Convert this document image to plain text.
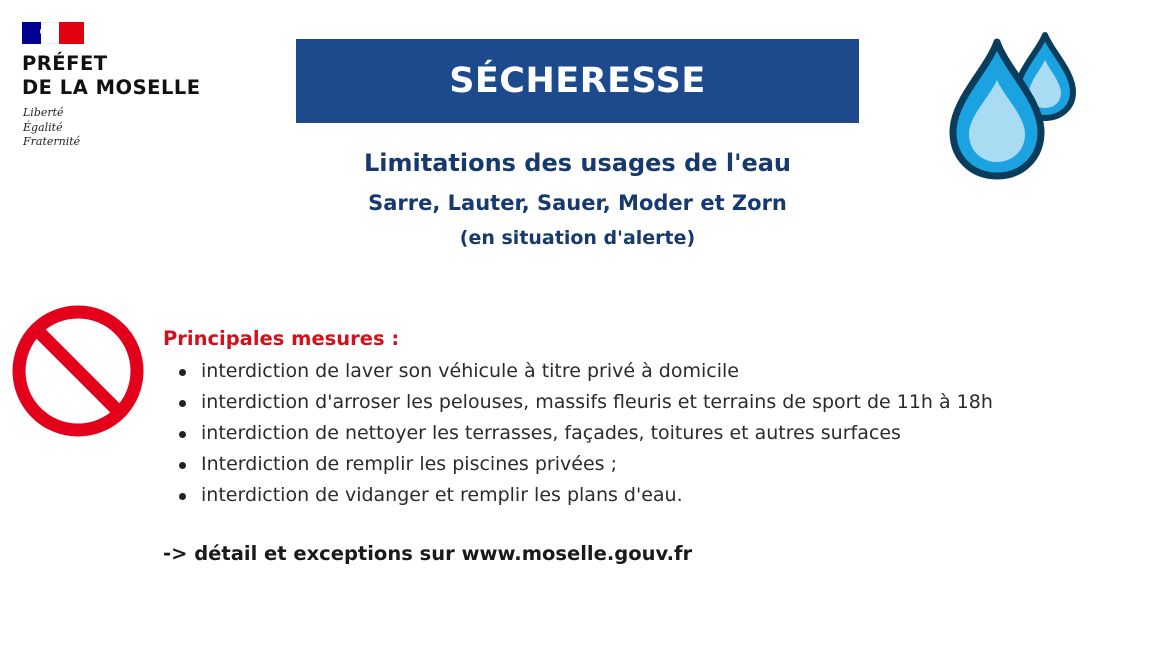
PRÉFET
DE LA MOSELLE
Liberté
Égalité
Fraternité
SÉCHERESSE
Limitations des usages de l'eau
Sarre, Lauter, Sauer, Moder et Zorn
(en situation d'alerte)
Principales mesures :
interdiction de laver son véhicule à titre privé à domicile
interdiction d'arroser les pelouses, massifs fleuris et terrains de sport de 11h à 18h
interdiction de nettoyer les terrasses, façades, toitures et autres surfaces
Interdiction de remplir les piscines privées ;
interdiction de vidanger et remplir les plans d'eau.
-> détail et exceptions sur www.moselle.gouv.fr
